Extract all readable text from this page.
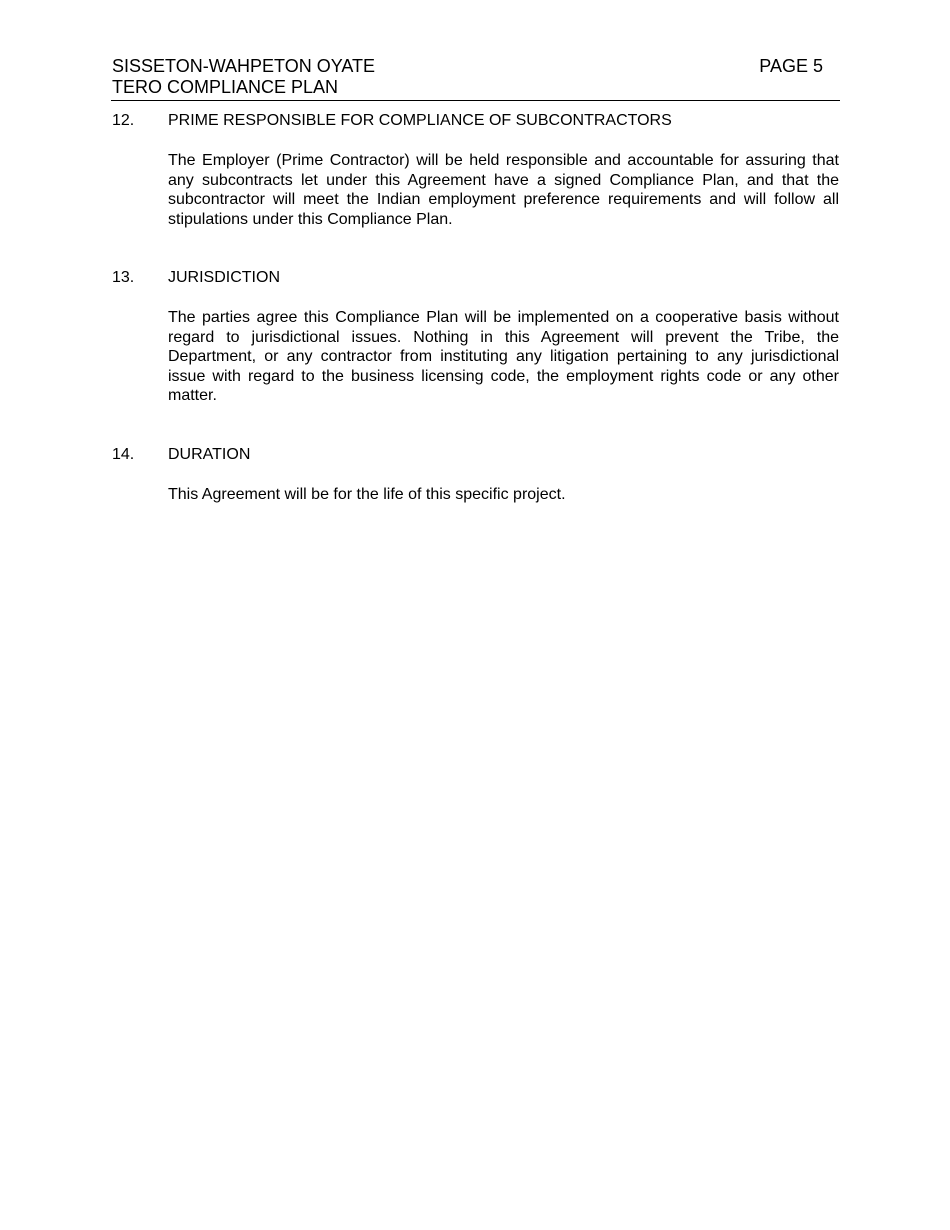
SISSETON-WAHPETON OYATE
TERO COMPLIANCE PLAN
PAGE 5
12. PRIME RESPONSIBLE FOR COMPLIANCE OF SUBCONTRACTORS
The Employer (Prime Contractor) will be held responsible and accountable for assuring that any subcontracts let under this Agreement have a signed Compliance Plan, and that the subcontractor will meet the Indian employment preference requirements and will follow all stipulations under this Compliance Plan.
13. JURISDICTION
The parties agree this Compliance Plan will be implemented on a cooperative basis without regard to jurisdictional issues. Nothing in this Agreement will prevent the Tribe, the Department, or any contractor from instituting any litigation pertaining to any jurisdictional issue with regard to the business licensing code, the employment rights code or any other matter.
14. DURATION
This Agreement will be for the life of this specific project.
